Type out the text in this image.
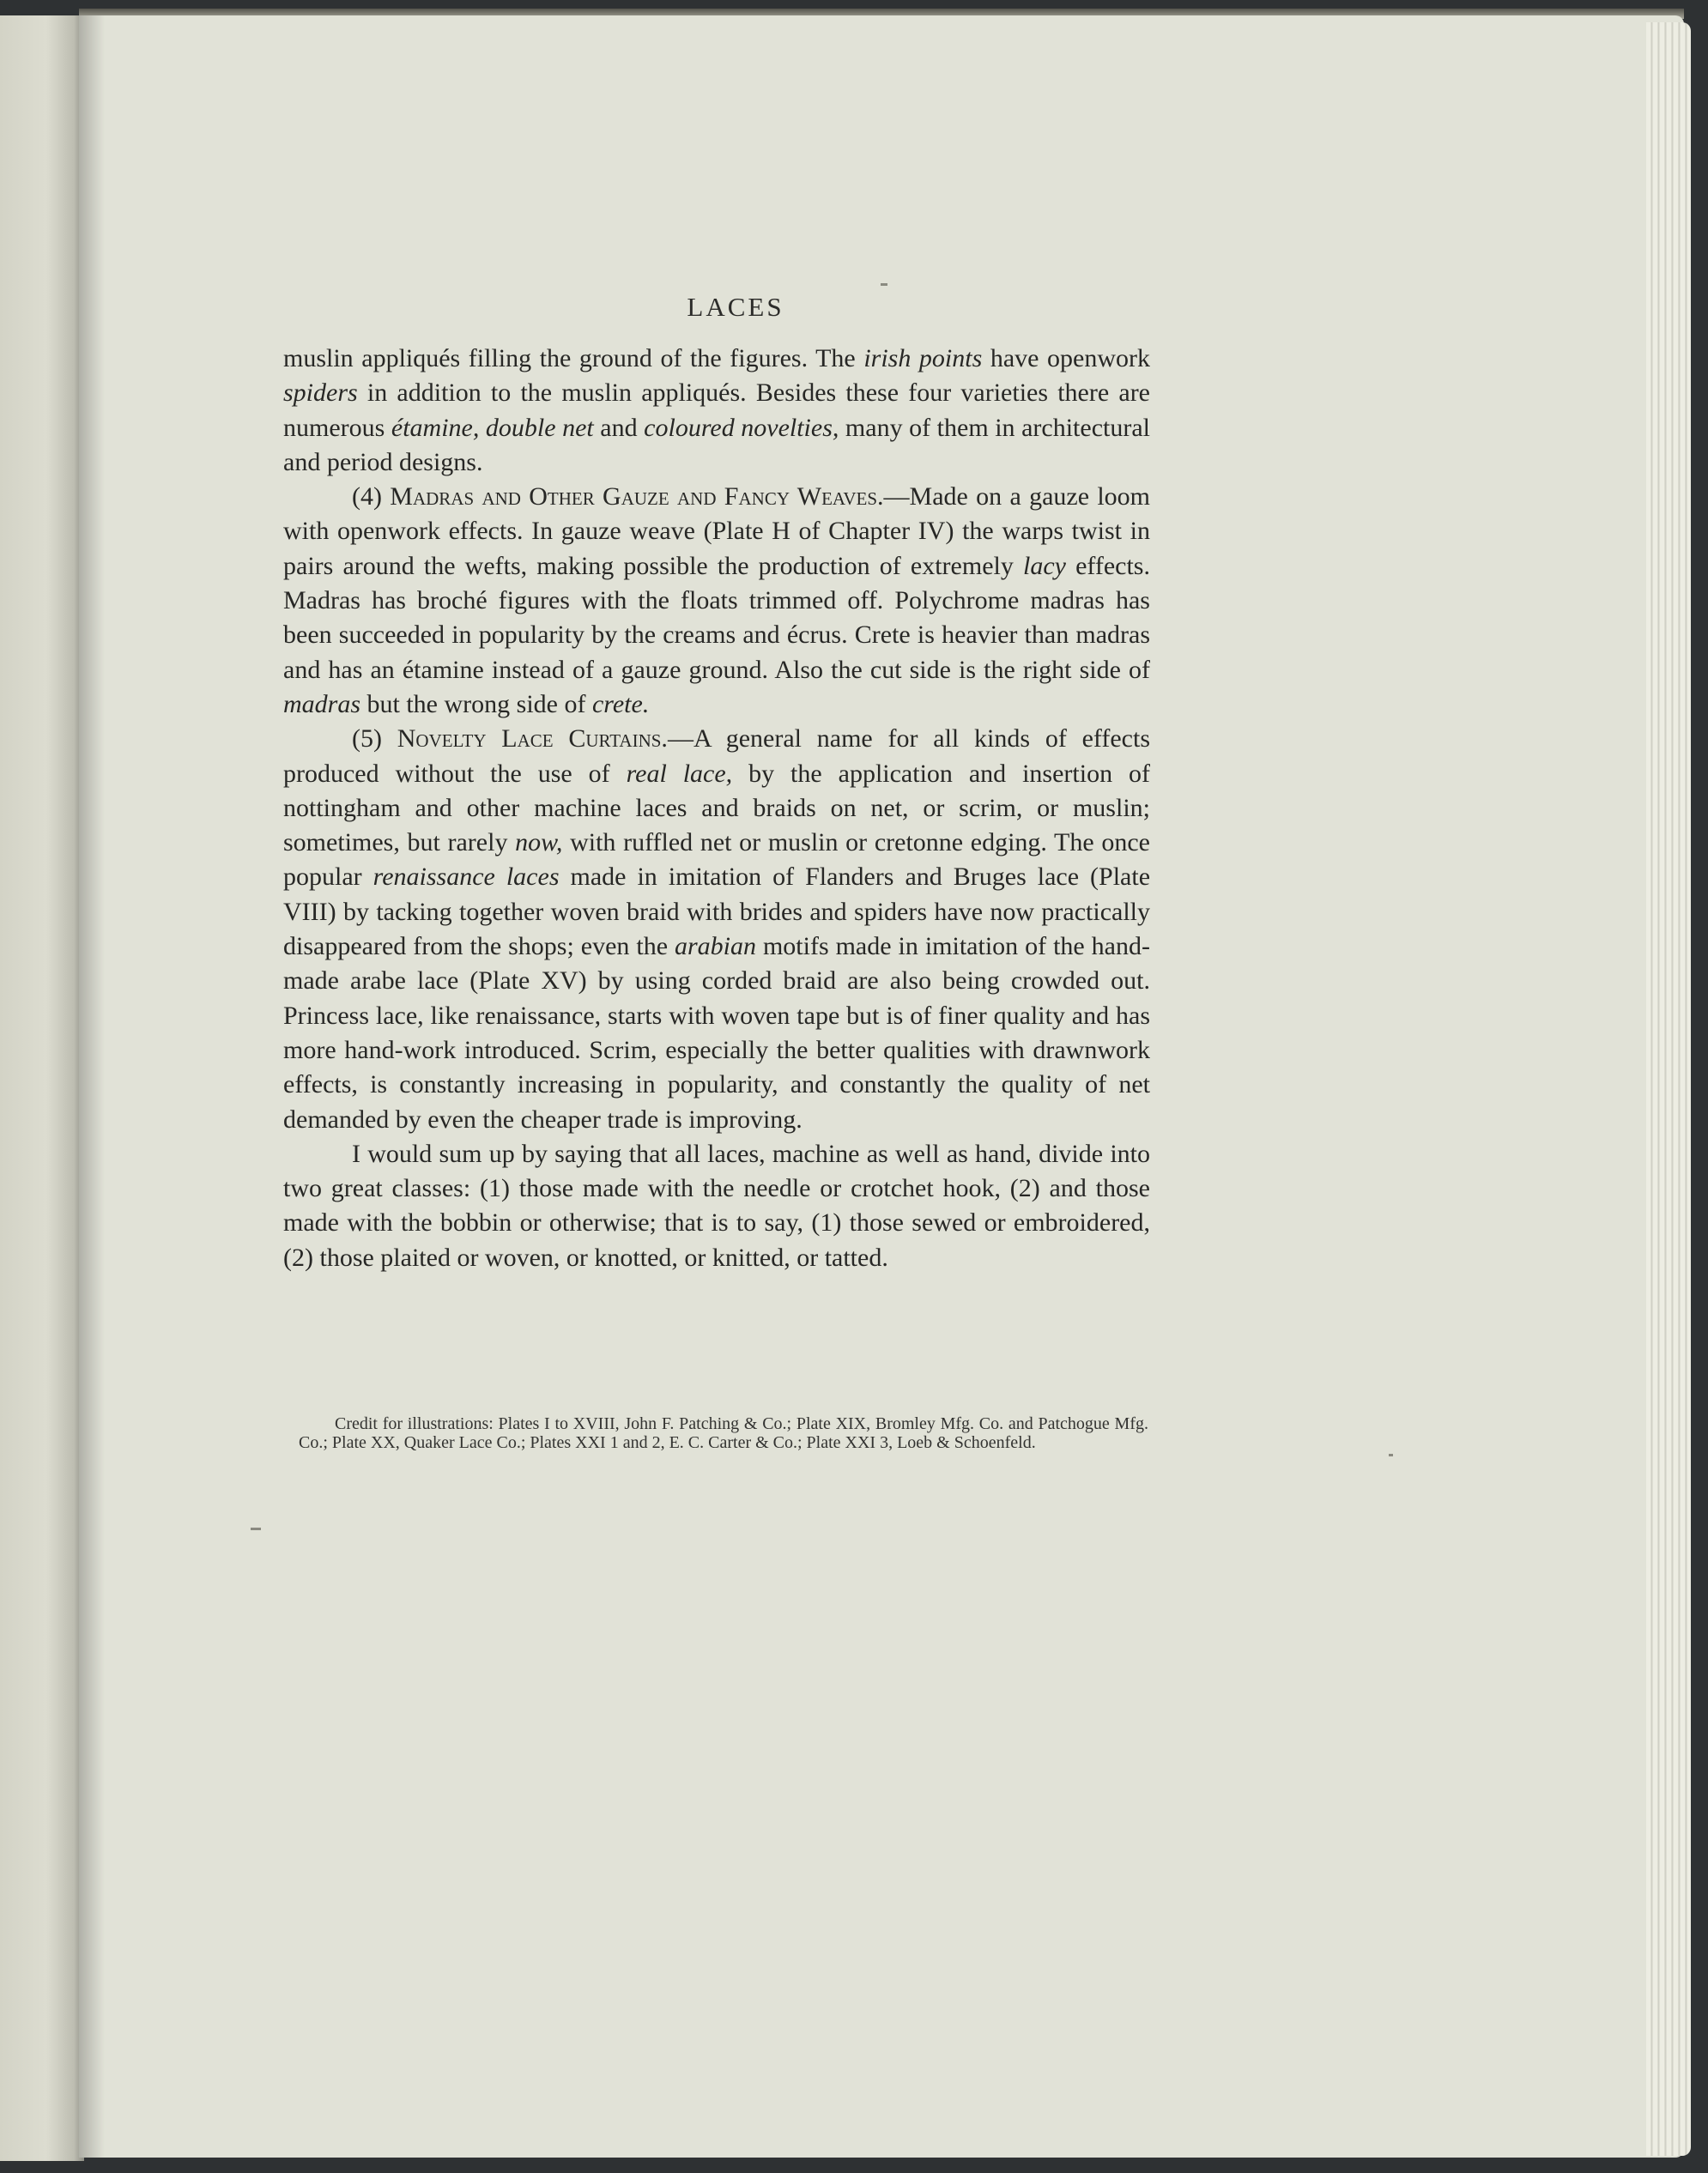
LACES

muslin appliqués filling the ground of the figures. The irish points have openwork spiders in addition to the muslin appliqués. Besides these four varieties there are numerous étamine, double net and coloured novelties, many of them in architectural and period designs.

(4) Madras and Other Gauze and Fancy Weaves.—Made on a gauze loom with openwork effects. In gauze weave (Plate H of Chapter IV) the warps twist in pairs around the wefts, making possible the production of extremely lacy effects. Madras has broché figures with the floats trimmed off. Polychrome madras has been succeeded in popularity by the creams and écrus. Crete is heavier than madras and has an étamine instead of a gauze ground. Also the cut side is the right side of madras but the wrong side of crete.

(5) Novelty Lace Curtains.—A general name for all kinds of effects produced without the use of real lace, by the application and insertion of nottingham and other machine laces and braids on net, or scrim, or muslin; sometimes, but rarely now, with ruffled net or muslin or cretonne edging. The once popular renaissance laces made in imitation of Flanders and Bruges lace (Plate VIII) by tacking together woven braid with brides and spiders have now practically disappeared from the shops; even the arabian motifs made in imitation of the hand-made arabe lace (Plate XV) by using corded braid are also being crowded out. Princess lace, like renaissance, starts with woven tape but is of finer quality and has more hand-work introduced. Scrim, especially the better qualities with drawnwork effects, is constantly increasing in popularity, and constantly the quality of net demanded by even the cheaper trade is improving.

I would sum up by saying that all laces, machine as well as hand, divide into two great classes: (1) those made with the needle or crotchet hook, (2) and those made with the bobbin or otherwise; that is to say, (1) those sewed or embroidered, (2) those plaited or woven, or knotted, or knitted, or tatted.

Credit for illustrations: Plates I to XVIII, John F. Patching & Co.; Plate XIX, Bromley Mfg. Co. and Patchogue Mfg. Co.; Plate XX, Quaker Lace Co.; Plates XXI 1 and 2, E. C. Carter & Co.; Plate XXI 3, Loeb & Schoenfeld.
